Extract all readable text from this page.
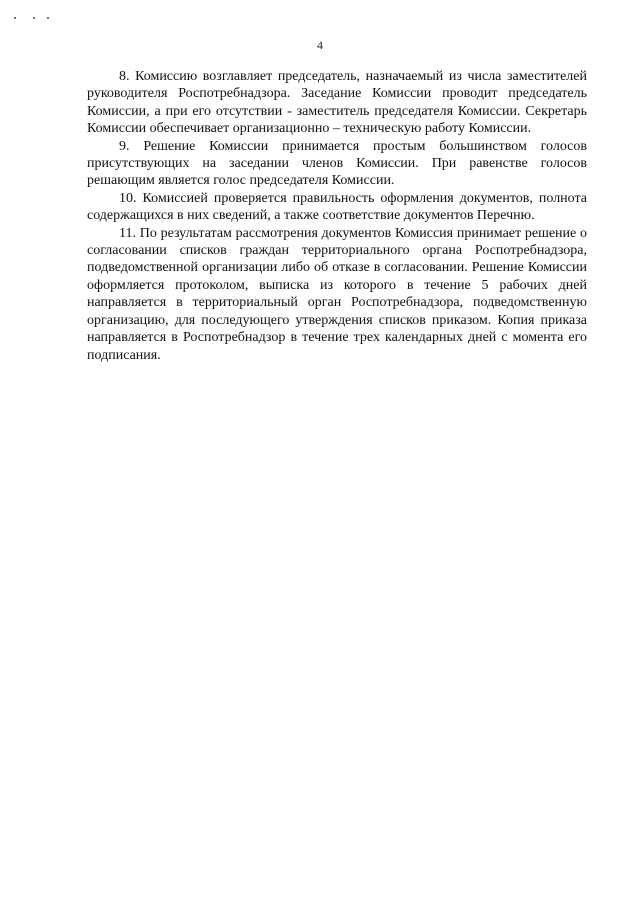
4

8. Комиссию возглавляет председатель, назначаемый из числа заместителей руководителя Роспотребнадзора. Заседание Комиссии проводит председатель Комиссии, а при его отсутствии - заместитель председателя Комиссии. Секретарь Комиссии обеспечивает организационно – техническую работу Комиссии.

9. Решение Комиссии принимается простым большинством голосов присутствующих на заседании членов Комиссии. При равенстве голосов решающим является голос председателя Комиссии.

10. Комиссией проверяется правильность оформления документов, полнота содержащихся в них сведений, а также соответствие документов Перечню.

11. По результатам рассмотрения документов Комиссия принимает решение о согласовании списков граждан территориального органа Роспотребнадзора, подведомственной организации либо об отказе в согласовании. Решение Комиссии оформляется протоколом, выписка из которого в течение 5 рабочих дней направляется в территориальный орган Роспотребнадзора, подведомственную организацию, для последующего утверждения списков приказом. Копия приказа направляется в Роспотребнадзор в течение трех календарных дней с момента его подписания.
